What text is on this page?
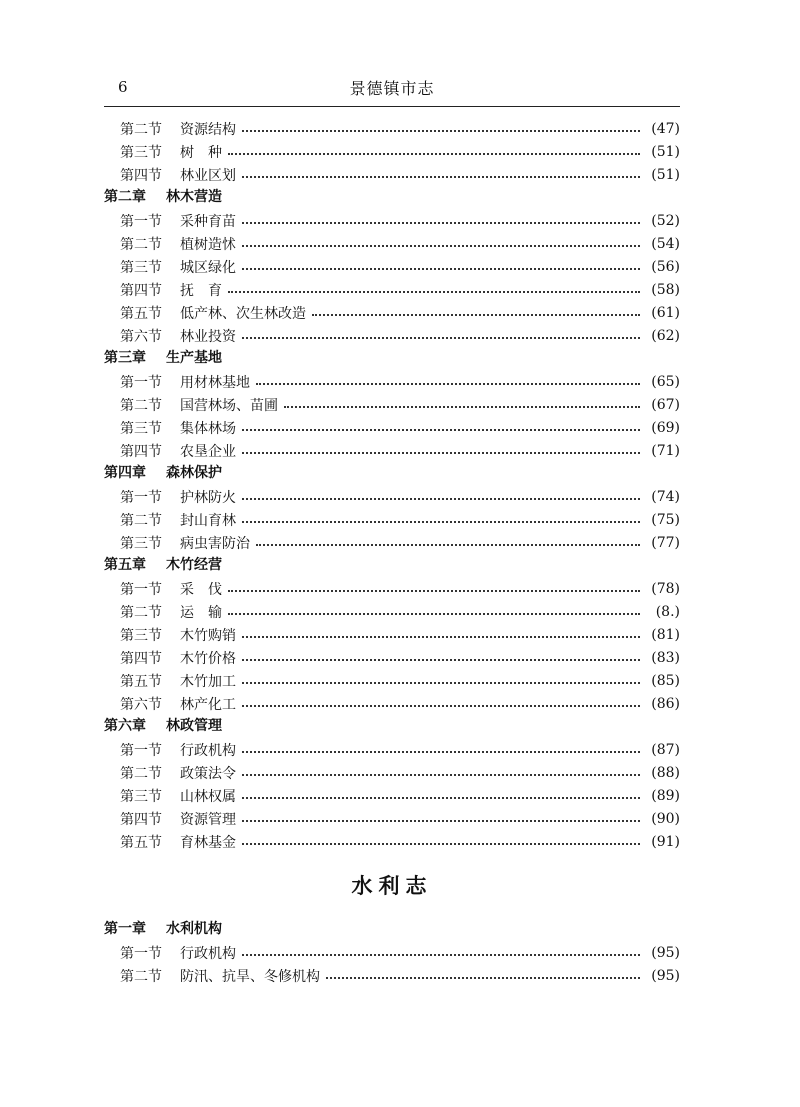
6	景德镇市志
第二节	资源结构	(47)
第三节	树　种	(51)
第四节	林业区划	(51)
第二章 林木营造
第一节	采种育苗	(52)
第二节	植树造怵	(54)
第三节	城区绿化	(56)
第四节	抚　育	(58)
第五节	低产林、次生林改造	(61)
第六节	林业投资	(62)
第三章 生产基地
第一节	用材林基地	(65)
第二节	国营林场、苗圃	(67)
第三节	集体林场	(69)
第四节	农垦企业	(71)
第四章 森林保护
第一节	护林防火	(74)
第二节	封山育林	(75)
第三节	病虫害防治	(77)
第五章 木竹经营
第一节	采　伐	(78)
第二节	运　输	(8.)
第三节	木竹购销	(81)
第四节	木竹价格	(83)
第五节	木竹加工	(85)
第六节	林产化工	(86)
第六章 林政管理
第一节	行政机构	(87)
第二节	政策法令	(88)
第三节	山林权属	(89)
第四节	资源管理	(90)
第五节	育林基金	(91)
水利志
第一章 水利机构
第一节	行政机构	(95)
第二节	防汛、抗旱、冬修机构	(95)
